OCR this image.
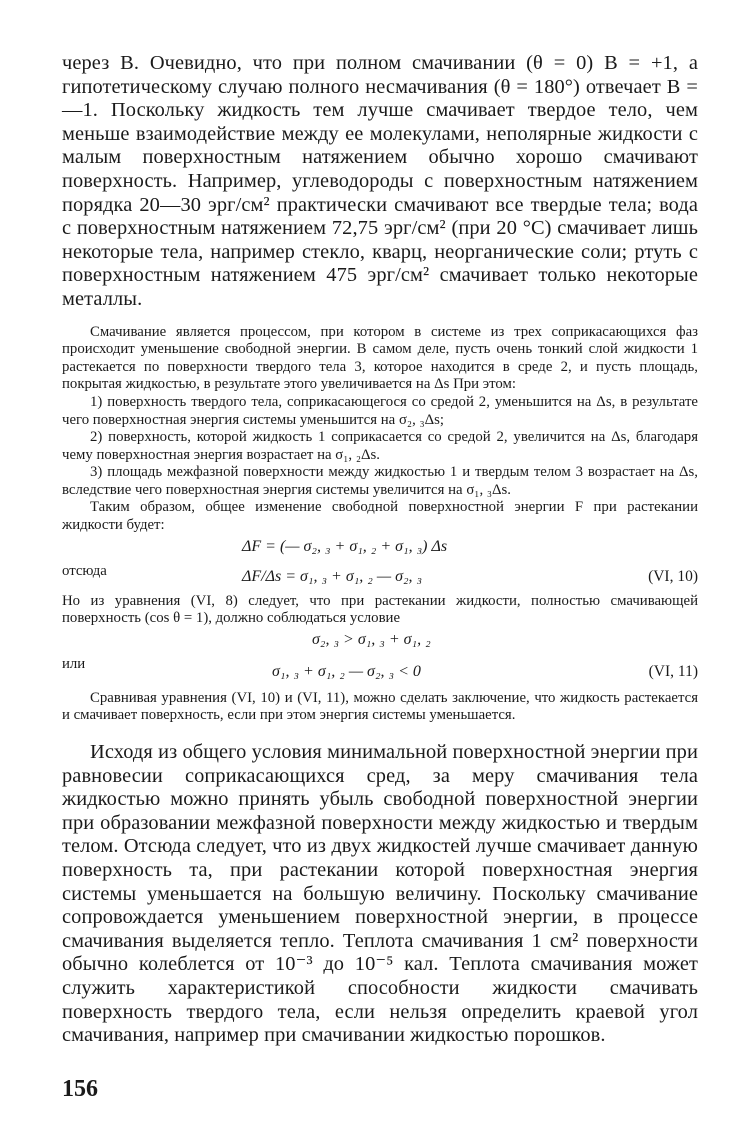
через B. Очевидно, что при полном смачивании (θ = 0) B = +1, а гипотетическому случаю полного несмачивания (θ = 180°) отвечает B = —1. Поскольку жидкость тем лучше смачивает твердое тело, чем меньше взаимодействие между ее молекулами, неполярные жидкости с малым поверхностным натяжением обычно хорошо смачивают поверхность. Например, углеводороды с поверхностным натяжением порядка 20—30 эрг/см² практически смачивают все твердые тела; вода с поверхностным натяжением 72,75 эрг/см² (при 20 °С) смачивает лишь некоторые тела, например стекло, кварц, неорганические соли; ртуть с поверхностным натяжением 475 эрг/см² смачивает только некоторые металлы.

Смачивание является процессом, при котором в системе из трех соприкасающихся фаз происходит уменьшение свободной энергии. В самом деле, пусть очень тонкий слой жидкости 1 растекается по поверхности твердого тела 3, которое находится в среде 2, и пусть площадь, покрытая жидкостью, в результате этого увеличивается на Δs При этом:

1) поверхность твердого тела, соприкасающегося со средой 2, уменьшится на Δs, в результате чего поверхностная энергия системы уменьшится на σ₂, ₃Δs;

2) поверхность, которой жидкость 1 соприкасается со средой 2, увеличится на Δs, благодаря чему поверхностная энергия возрастает на σ₁, ₂Δs.

3) площадь межфазной поверхности между жидкостью 1 и твердым телом 3 возрастает на Δs, вследствие чего поверхностная энергия системы увеличится на σ₁, ₃Δs.

Таким образом, общее изменение свободной поверхностной энергии F при растекании жидкости будет:

ΔF = (— σ₂, ₃ + σ₁, ₂ + σ₁, ₃) Δs
отсюда	ΔF/Δs = σ₁, ₃ + σ₁, ₂ — σ₂, ₃	(VI, 10)

Но из уравнения (VI, 8) следует, что при растекании жидкости, полностью смачивающей поверхность (cos θ = 1), должно соблюдаться условие

σ₂, ₃ > σ₁, ₃ + σ₁, ₂
или	σ₁, ₃ + σ₁, ₂ — σ₂, ₃ < 0	(VI, 11)

Сравнивая уравнения (VI, 10) и (VI, 11), можно сделать заключение, что жидкость растекается и смачивает поверхность, если при этом энергия системы уменьшается.

Исходя из общего условия минимальной поверхностной энергии при равновесии соприкасающихся сред, за меру смачивания тела жидкостью можно принять убыль свободной поверхностной энергии при образовании межфазной поверхности между жидкостью и твердым телом. Отсюда следует, что из двух жидкостей лучше смачивает данную поверхность та, при растекании которой поверхностная энергия системы уменьшается на большую величину. Поскольку смачивание сопровождается уменьшением поверхностной энергии, в процессе смачивания выделяется тепло. Теплота смачивания 1 см² поверхности обычно колеблется от 10⁻³ до 10⁻⁵ кал. Теплота смачивания может служить характеристикой способности жидкости смачивать поверхность твердого тела, если нельзя определить краевой угол смачивания, например при смачивании жидкостью порошков.

156
